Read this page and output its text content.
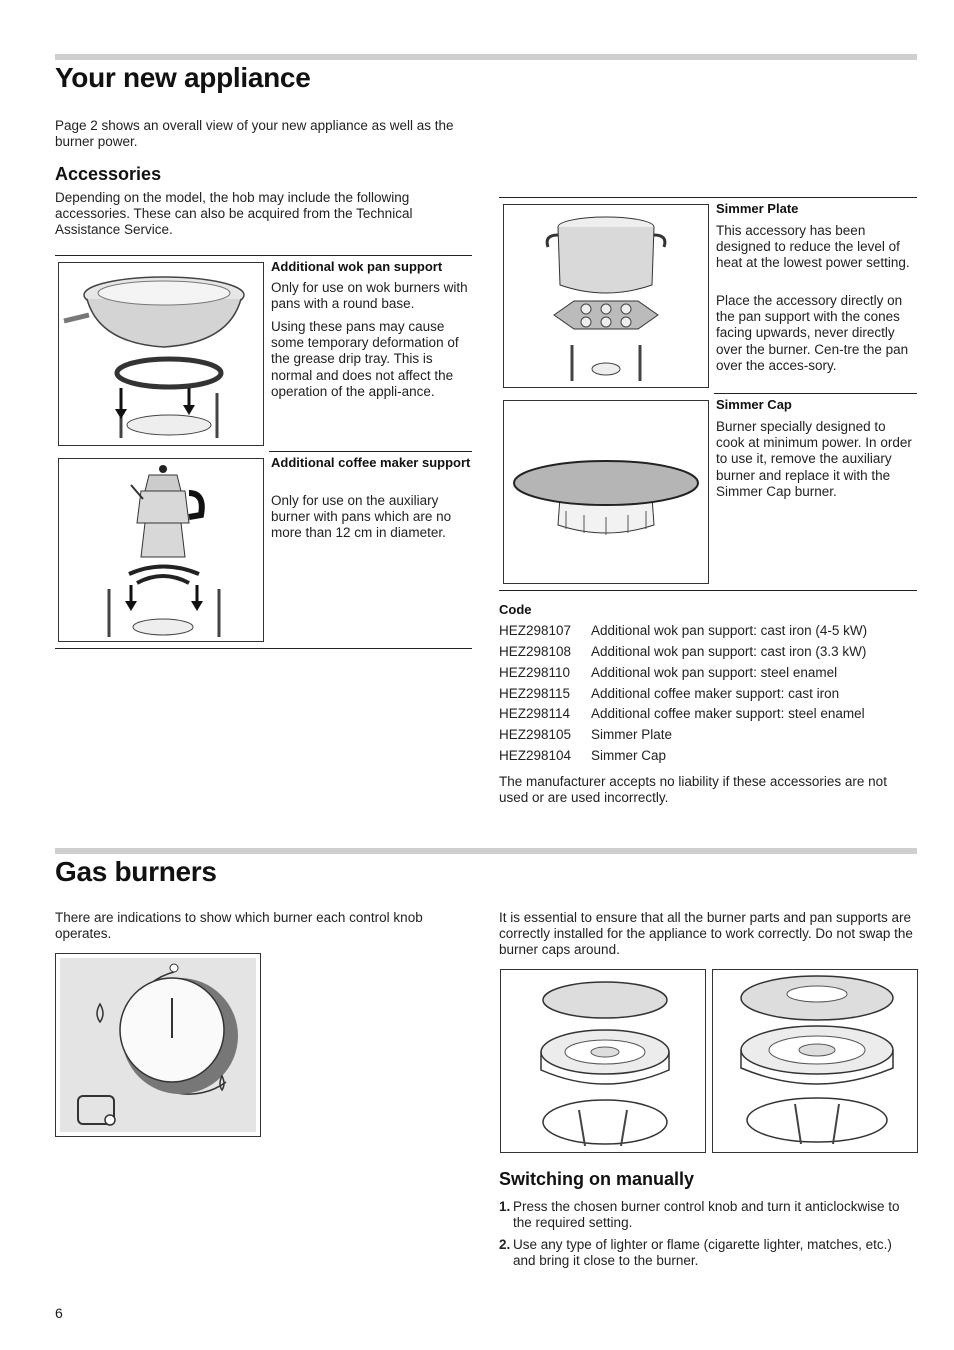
Your new appliance

Page 2 shows an overall view of your new appliance as well as the burner power.

Accessories

Depending on the model, the hob may include the following accessories. These can also be acquired from the Technical Assistance Service.

Additional wok pan support

Only for use on wok burners with pans with a round base.

Using these pans may cause some temporary deformation of the grease drip tray. This is normal and does not affect the operation of the appli-ance.

Additional coffee maker support

Only for use on the auxiliary burner with pans which are no more than 12 cm in diameter.

Simmer Plate

This accessory has been designed to reduce the level of heat at the lowest power setting.

Place the accessory directly on the pan support with the cones facing upwards, never directly over the burner. Cen-tre the pan over the acces-sory.

Simmer Cap

Burner specially designed to cook at minimum power. In order to use it, remove the auxiliary burner and replace it with the Simmer Cap burner.

Code
HEZ298107 Additional wok pan support: cast iron (4-5 kW)
HEZ298108 Additional wok pan support: cast iron (3.3 kW)
HEZ298110 Additional wok pan support: steel enamel
HEZ298115 Additional coffee maker support: cast iron
HEZ298114 Additional coffee maker support: steel enamel
HEZ298105 Simmer Plate
HEZ298104 Simmer Cap

The manufacturer accepts no liability if these accessories are not used or are used incorrectly.

Gas burners

There are indications to show which burner each control knob operates.

It is essential to ensure that all the burner parts and pan supports are correctly installed for the appliance to work correctly. Do not swap the burner caps around.

Switching on manually
1. Press the chosen burner control knob and turn it anticlockwise to the required setting.
2. Use any type of lighter or flame (cigarette lighter, matches, etc.) and bring it close to the burner.
6
